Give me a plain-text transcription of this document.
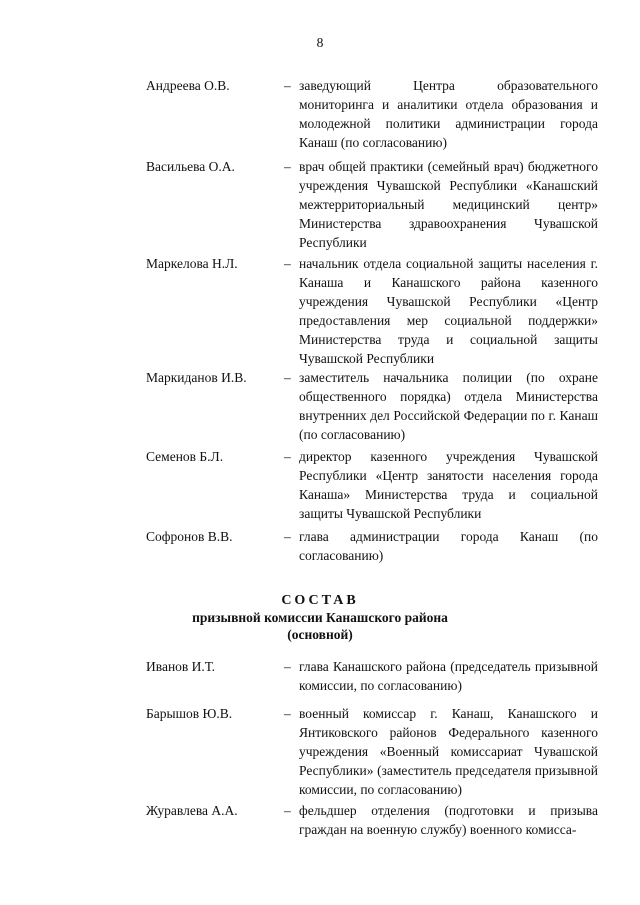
8
Андреева О.В.	– заведующий Центра образовательного мониторинга и аналитики отдела образования и молодежной политики администрации города Канаш (по согласованию)
Васильева О.А.	– врач общей практики (семейный врач) бюджетного учреждения Чувашской Республики «Канашский межтерриториальный медицинский центр» Министерства здравоохранения Чувашской Республики
Маркелова Н.Л.	– начальник отдела социальной защиты населения г. Канаша и Канашского района казенного учреждения Чувашской Республики «Центр предоставления мер социальной поддержки» Министерства труда и социальной защиты Чувашской Республики
Маркиданов И.В.	– заместитель начальника полиции (по охране общественного порядка) отдела Министерства внутренних дел Российской Федерации по г. Канаш (по согласованию)
Семенов Б.Л.	– директор казенного учреждения Чувашской Республики «Центр занятости населения города Канаша» Министерства труда и социальной защиты Чувашской Республики
Софронов В.В.	– глава администрации города Канаш (по согласованию)
СОСТАВ
призывной комиссии Канашского района
(основной)
Иванов И.Т.	– глава Канашского района (председатель призывной комиссии, по согласованию)
Барышов Ю.В.	– военный комиссар г. Канаш, Канашского и Янтиковского районов Федерального казенного учреждения «Военный комиссариат Чувашской Республики» (заместитель председателя призывной комиссии, по согласованию)
Журавлева А.А.	– фельдшер отделения (подготовки и призыва граждан на военную службу) военного комисса-
